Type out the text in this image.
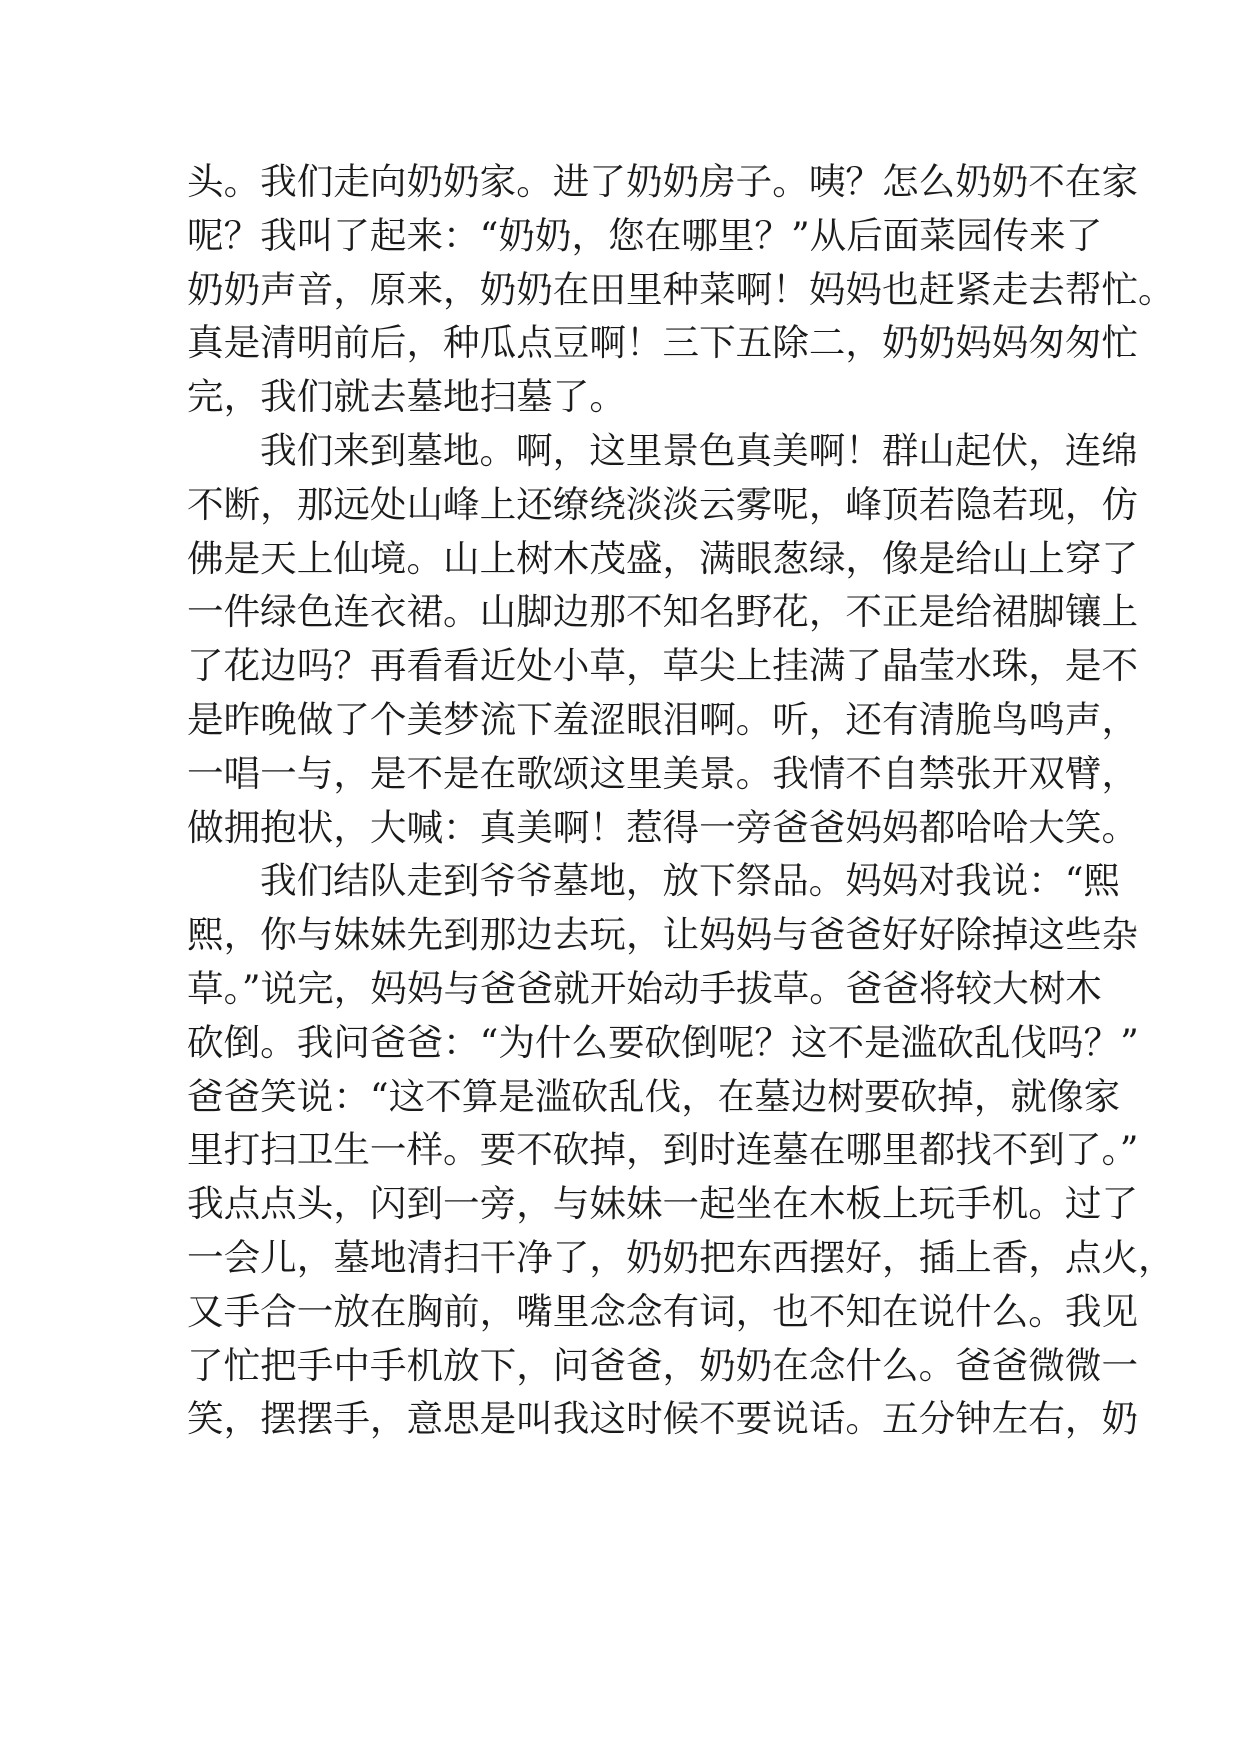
头。我们走向奶奶家。进了奶奶房子。咦？怎么奶奶不在家
呢？我叫了起来：“奶奶，您在哪里？”从后面菜园传来了
奶奶声音，原来，奶奶在田里种菜啊！妈妈也赶紧走去帮忙。
真是清明前后，种瓜点豆啊！三下五除二，奶奶妈妈匆匆忙
完，我们就去墓地扫墓了。
我们来到墓地。啊，这里景色真美啊！群山起伏，连绵
不断，那远处山峰上还缭绕淡淡云雾呢，峰顶若隐若现，仿
佛是天上仙境。山上树木茂盛，满眼葱绿，像是给山上穿了
一件绿色连衣裙。山脚边那不知名野花，不正是给裙脚镶上
了花边吗？再看看近处小草，草尖上挂满了晶莹水珠，是不
是昨晚做了个美梦流下羞涩眼泪啊。听，还有清脆鸟鸣声，
一唱一与，是不是在歌颂这里美景。我情不自禁张开双臂，
做拥抱状，大喊：真美啊！惹得一旁爸爸妈妈都哈哈大笑。
我们结队走到爷爷墓地，放下祭品。妈妈对我说：“熙
熙，你与妹妹先到那边去玩，让妈妈与爸爸好好除掉这些杂
草。”说完，妈妈与爸爸就开始动手拔草。爸爸将较大树木
砍倒。我问爸爸：“为什么要砍倒呢？这不是滥砍乱伐吗？”
爸爸笑说：“这不算是滥砍乱伐，在墓边树要砍掉，就像家
里打扫卫生一样。要不砍掉，到时连墓在哪里都找不到了。”
我点点头，闪到一旁，与妹妹一起坐在木板上玩手机。过了
一会儿，墓地清扫干净了，奶奶把东西摆好，插上香，点火，
又手合一放在胸前，嘴里念念有词，也不知在说什么。我见
了忙把手中手机放下，问爸爸，奶奶在念什么。爸爸微微一
笑，摆摆手，意思是叫我这时候不要说话。五分钟左右，奶
